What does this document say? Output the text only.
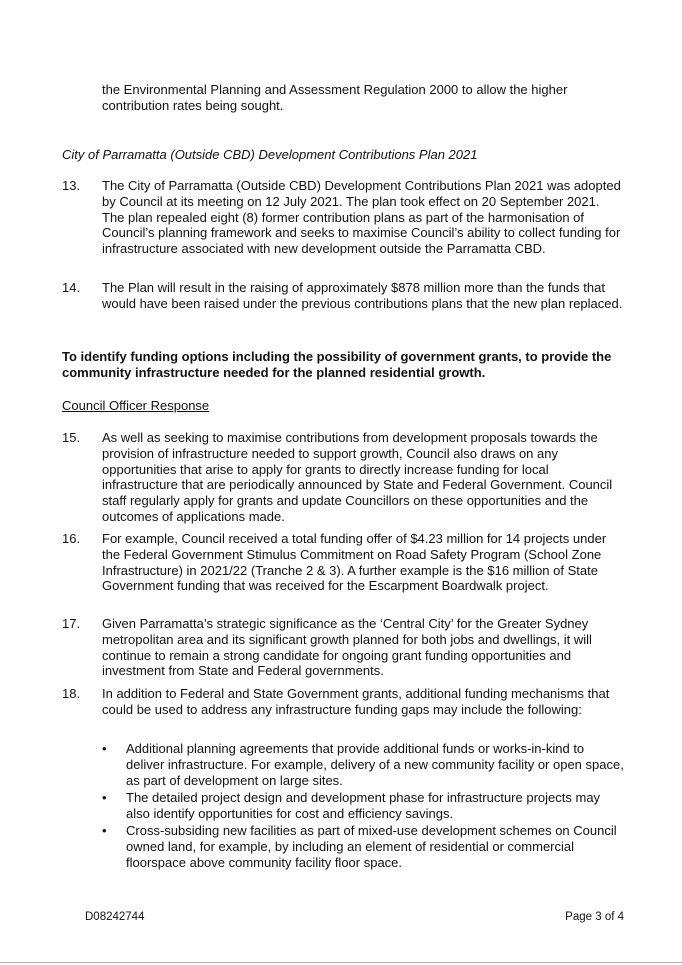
the Environmental Planning and Assessment Regulation 2000 to allow the higher contribution rates being sought.

City of Parramatta (Outside CBD) Development Contributions Plan 2021

13.	The City of Parramatta (Outside CBD) Development Contributions Plan 2021 was adopted by Council at its meeting on 12 July 2021. The plan took effect on 20 September 2021. The plan repealed eight (8) former contribution plans as part of the harmonisation of Council’s planning framework and seeks to maximise Council’s ability to collect funding for infrastructure associated with new development outside the Parramatta CBD.

14.	The Plan will result in the raising of approximately $878 million more than the funds that would have been raised under the previous contributions plans that the new plan replaced.

To identify funding options including the possibility of government grants, to provide the community infrastructure needed for the planned residential growth.

Council Officer Response

15.	As well as seeking to maximise contributions from development proposals towards the provision of infrastructure needed to support growth, Council also draws on any opportunities that arise to apply for grants to directly increase funding for local infrastructure that are periodically announced by State and Federal Government. Council staff regularly apply for grants and update Councillors on these opportunities and the outcomes of applications made.

16.	For example, Council received a total funding offer of $4.23 million for 14 projects under the Federal Government Stimulus Commitment on Road Safety Program (School Zone Infrastructure) in 2021/22 (Tranche 2 & 3). A further example is the $16 million of State Government funding that was received for the Escarpment Boardwalk project.

17.	Given Parramatta’s strategic significance as the ‘Central City’ for the Greater Sydney metropolitan area and its significant growth planned for both jobs and dwellings, it will continue to remain a strong candidate for ongoing grant funding opportunities and investment from State and Federal governments.

18.	In addition to Federal and State Government grants, additional funding mechanisms that could be used to address any infrastructure funding gaps may include the following:

• Additional planning agreements that provide additional funds or works-in-kind to deliver infrastructure. For example, delivery of a new community facility or open space, as part of development on large sites.

• The detailed project design and development phase for infrastructure projects may also identify opportunities for cost and efficiency savings.

• Cross-subsiding new facilities as part of mixed-use development schemes on Council owned land, for example, by including an element of residential or commercial floorspace above community facility floor space.

D08242744	Page 3 of 4
